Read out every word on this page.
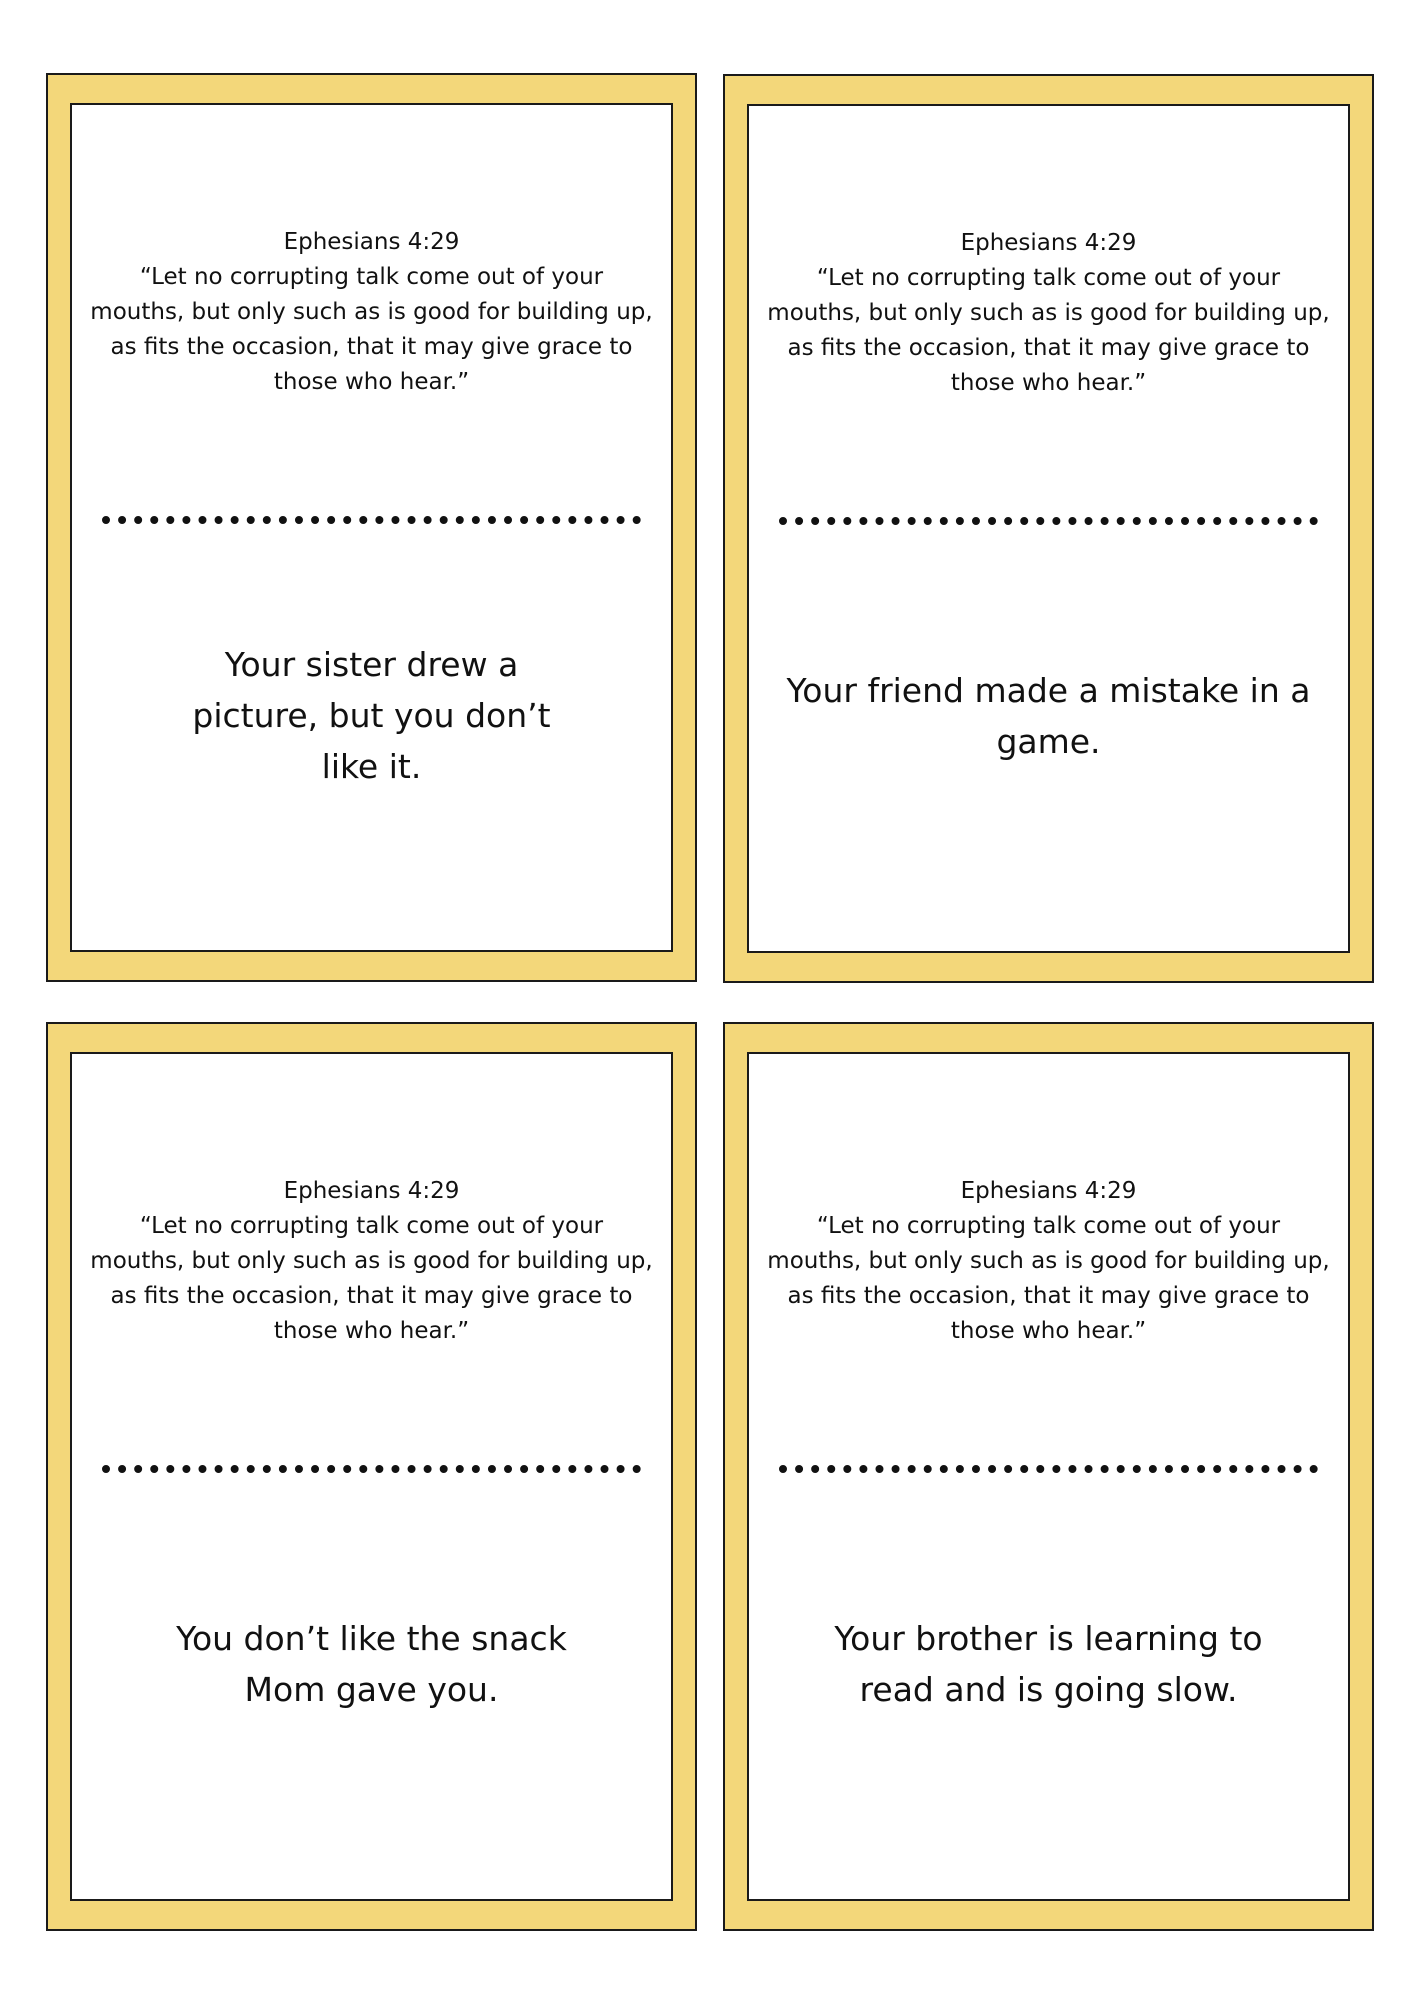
Ephesians 4:29
“Let no corrupting talk come out of your mouths, but only such as is good for building up, as fits the occasion, that it may give grace to those who hear.”
Your sister drew a picture, but you don’t like it.
Ephesians 4:29
“Let no corrupting talk come out of your mouths, but only such as is good for building up, as fits the occasion, that it may give grace to those who hear.”
Your friend made a mistake in a game.
Ephesians 4:29
“Let no corrupting talk come out of your mouths, but only such as is good for building up, as fits the occasion, that it may give grace to those who hear.”
You don’t like the snack Mom gave you.
Ephesians 4:29
“Let no corrupting talk come out of your mouths, but only such as is good for building up, as fits the occasion, that it may give grace to those who hear.”
Your brother is learning to read and is going slow.
